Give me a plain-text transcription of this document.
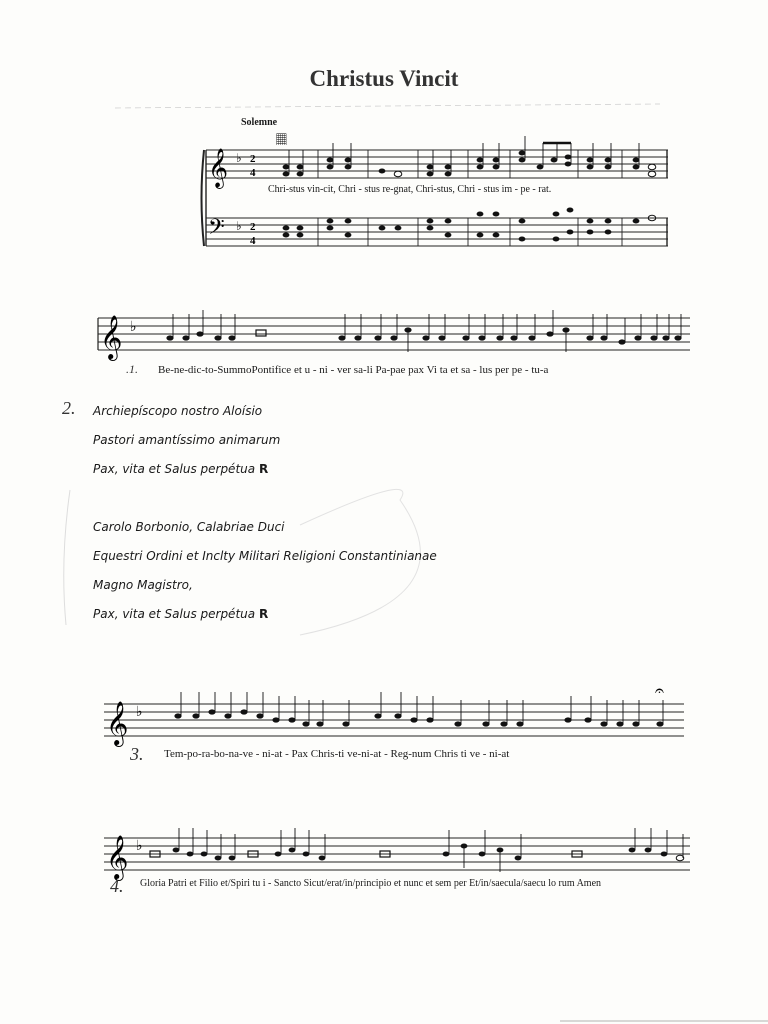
Christus Vincit
Solemne
𝄞
𝄢
♭
♭
2
4
2
4
𝄜
𝄞 ♭
𝄞 ♭
𝄐
𝄞 ♭
Chri-stus vin-cit, Chri - stus re-gnat, Chri-stus, Chri - stus im - pe - rat.
.1. Be-ne-dic-to-SummoPontifice et u - ni - ver sa-li Pa-pae pax Vi ta et sa - lus per pe - tu-a
2. Archiepíscopo nostro Aloísio
Pastori amantíssimo animarum
Pax, vita et Salus perpétua R
Carolo Borbonio, Calabriae Duci
Equestri Ordini et Inclty Militari Religioni Constantinianae
Magno Magistro,
Pax, vita et Salus perpétua R
3. Tem-po-ra-bo-na-ve - ni-at - Pax Chris-ti ve-ni-at - Reg-num Chris ti ve - ni-at
4. Gloria Patri et Filio et/Spiri tu i - Sancto Sicut/erat/in/principio et nunc et sem per Et/in/saecula/saecu lo rum Amen
